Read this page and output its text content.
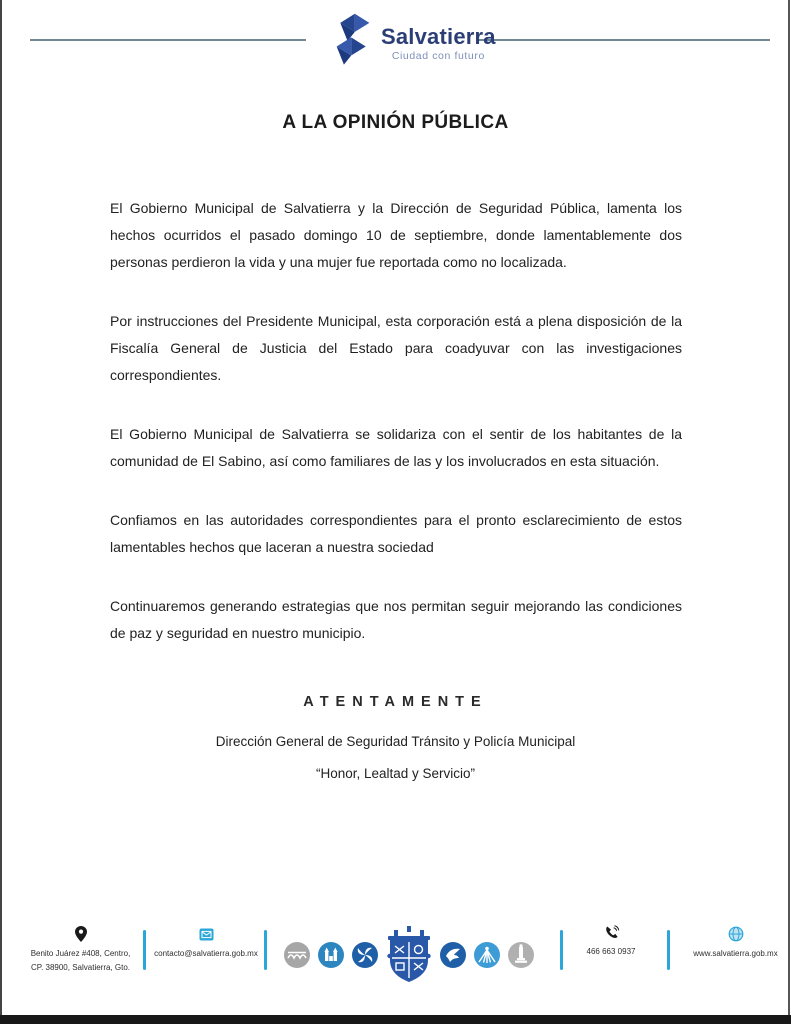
Salvatierra
Ciudad con futuro
A LA OPINIÓN PÚBLICA

El Gobierno Municipal de Salvatierra y la Dirección de Seguridad Pública, lamenta los hechos ocurridos el pasado domingo 10 de septiembre, donde lamentablemente dos personas perdieron la vida y una mujer fue reportada como no localizada.

Por instrucciones del Presidente Municipal, esta corporación está a plena disposición de la Fiscalía General de Justicia del Estado para coadyuvar con las investigaciones correspondientes.

El Gobierno Municipal de Salvatierra se solidariza con el sentir de los habitantes de la comunidad de El Sabino, así como familiares de las y los involucrados en esta situación.

Confiamos en las autoridades correspondientes para el pronto esclarecimiento de estos lamentables hechos que laceran a nuestra sociedad

Continuaremos generando estrategias que nos permitan seguir mejorando las condiciones de paz y seguridad en nuestro municipio.

ATENTAMENTE
Dirección General de Seguridad Tránsito y Policía Municipal
“Honor, Lealtad y Servicio”
Benito Juárez #408, Centro,
CP. 38900, Salvatierra, Gto.
contacto@salvatierra.gob.mx	466 663 0937	www.salvatierra.gob.mx
